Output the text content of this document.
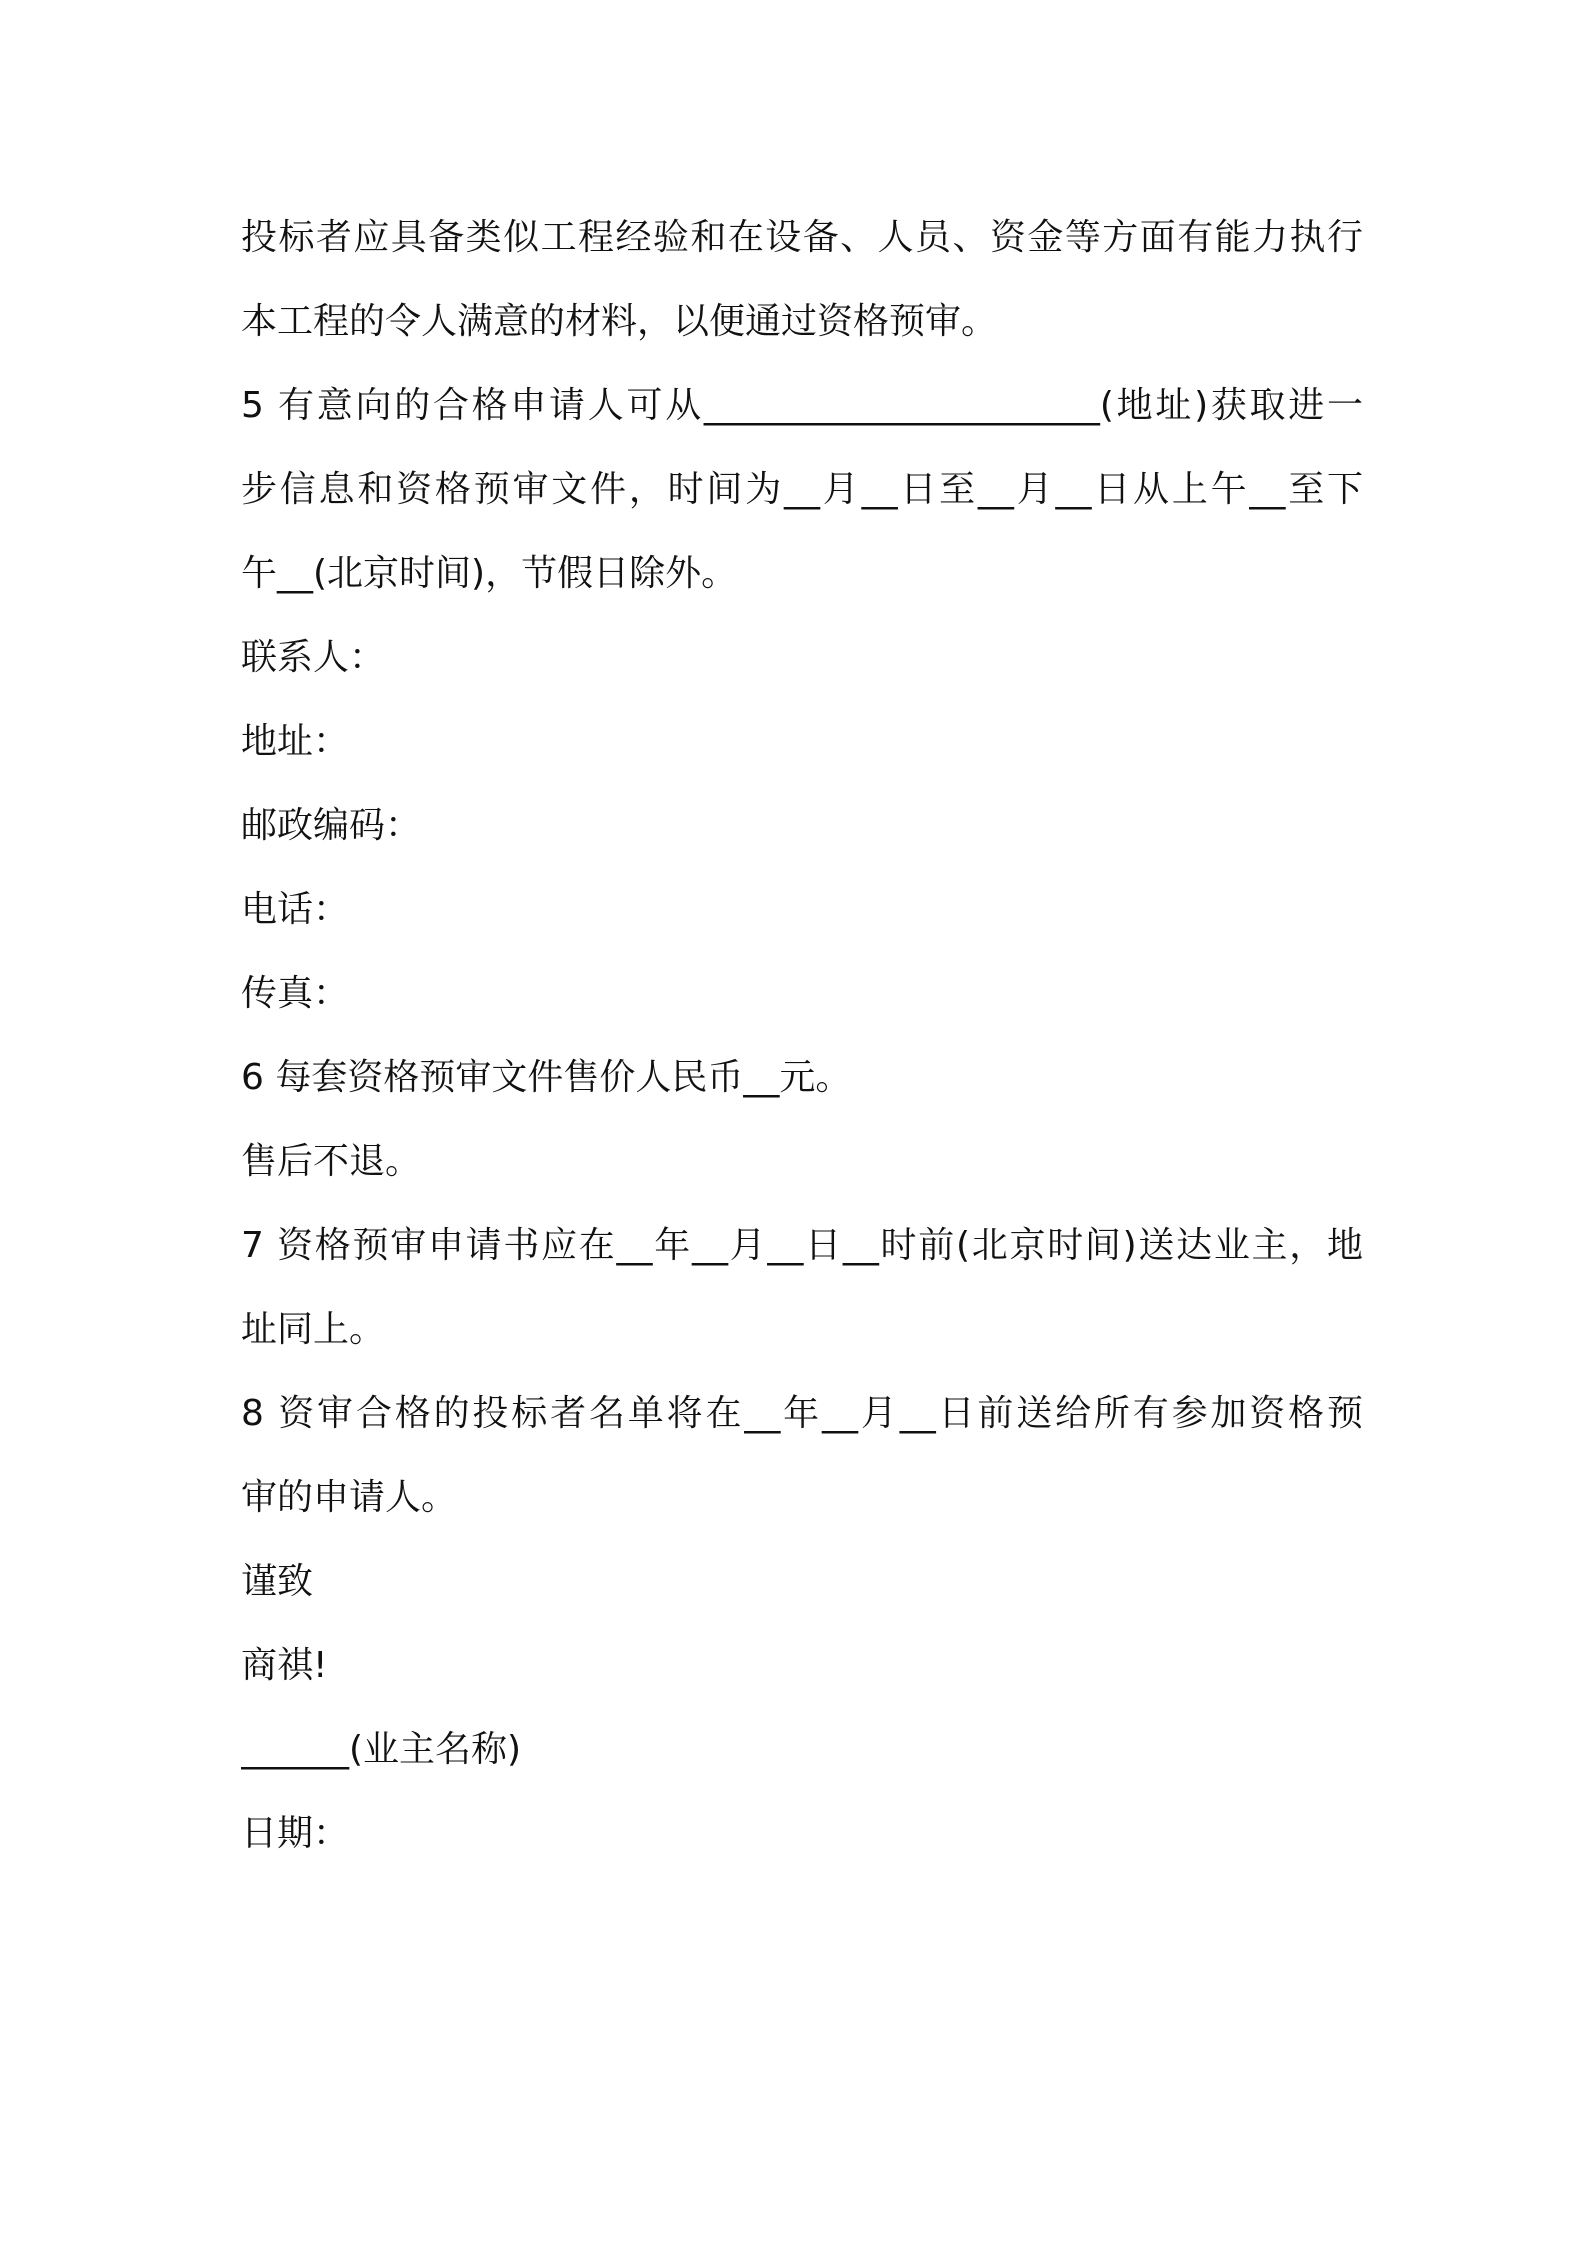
投标者应具备类似工程经验和在设备、人员、资金等方面有能力执行
本工程的令人满意的材料，以便通过资格预审。
5 有意向的合格申请人可从______________________(地址)获取进一
步信息和资格预审文件，时间为__月__日至__月__日从上午__至下
午__(北京时间)，节假日除外。
联系人：
地址：
邮政编码：
电话：
传真：
6 每套资格预审文件售价人民币__元。
售后不退。
7 资格预审申请书应在__年__月__日__时前(北京时间)送达业主，地
址同上。
8 资审合格的投标者名单将在__年__月__日前送给所有参加资格预
审的申请人。
谨致
商祺!
______(业主名称)
日期：
